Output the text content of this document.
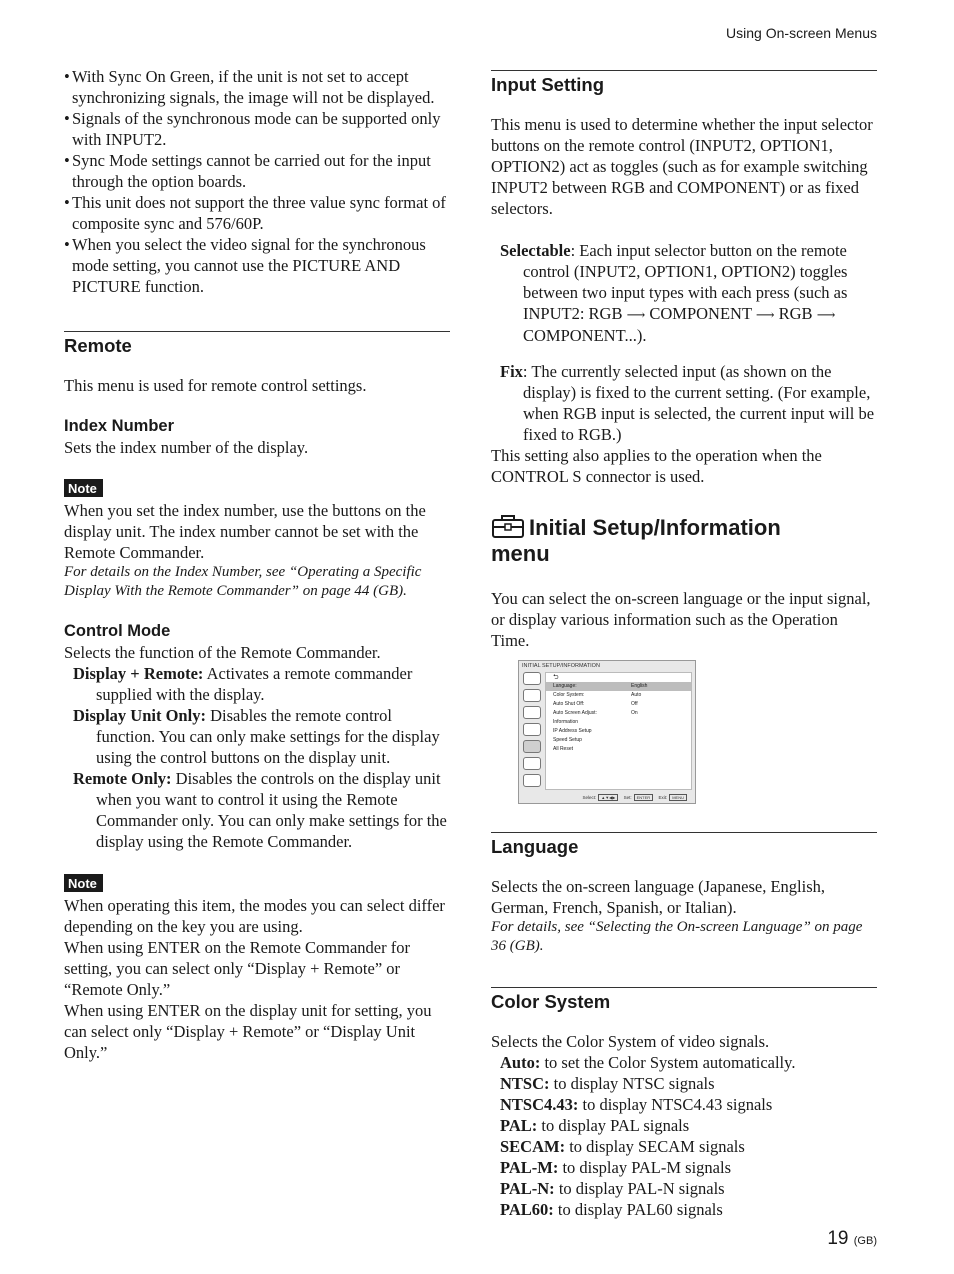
Using On-screen Menus
• With Sync On Green, if the unit is not set to accept synchronizing signals, the image will not be displayed.
• Signals of the synchronous mode can be supported only with INPUT2.
• Sync Mode settings cannot be carried out for the input through the option boards.
• This unit does not support the three value sync format of composite sync and 576/60P.
• When you select the video signal for the synchronous mode setting, you cannot use the PICTURE AND PICTURE function.
Remote

This menu is used for remote control settings.

Index Number

Sets the index number of the display.

Note

When you set the index number, use the buttons on the display unit. The index number cannot be set with the Remote Commander.

For details on the Index Number, see “Operating a Specific Display With the Remote Commander” on page 44 (GB).

Control Mode

Selects the function of the Remote Commander.

Display + Remote: Activates a remote commander supplied with the display.

Display Unit Only: Disables the remote control function. You can only make settings for the display using the control buttons on the display unit.

Remote Only: Disables the controls on the display unit when you want to control it using the Remote Commander only. You can only make settings for the display using the Remote Commander.

Note

When operating this item, the modes you can select differ depending on the key you are using.

When using ENTER on the Remote Commander for setting, you can select only “Display + Remote” or “Remote Only.”

When using ENTER on the display unit for setting, you can select only “Display + Remote” or “Display Unit Only.”

Input Setting

This menu is used to determine whether the input selector buttons on the remote control (INPUT2, OPTION1, OPTION2) act as toggles (such as for example switching INPUT2 between RGB and COMPONENT) or as fixed selectors.

Selectable: Each input selector button on the remote control (INPUT2, OPTION1, OPTION2) toggles between two input types with each press (such as INPUT2: RGB ⟶ COMPONENT ⟶ RGB ⟶ COMPONENT...).

Fix: The currently selected input (as shown on the display) is fixed to the current setting. (For example, when RGB input is selected, the current input will be fixed to RGB.)

This setting also applies to the operation when the CONTROL S connector is used.

Initial Setup/Information
menu

You can select the on-screen language or the input signal, or display various information such as the Operation Time.

INITIAL SETUP/INFORMATION
⮌
Language:	English
Color System:	Auto
Auto Shut Off:	Off
Auto Screen Adjust:	On
Information
IP Address Setup
Speed Setup
All Reset
Select: ▲▼◀▶ Set: ENTER Exit: MENU
Language

Selects the on-screen language (Japanese, English, German, French, Spanish, or Italian).

For details, see “Selecting the On-screen Language” on page 36 (GB).

Color System

Selects the Color System of video signals.

Auto: to set the Color System automatically.

NTSC: to display NTSC signals

NTSC4.43: to display NTSC4.43 signals

PAL: to display PAL signals

SECAM: to display SECAM signals

PAL-M: to display PAL-M signals

PAL-N: to display PAL-N signals

PAL60: to display PAL60 signals

19 (GB)
